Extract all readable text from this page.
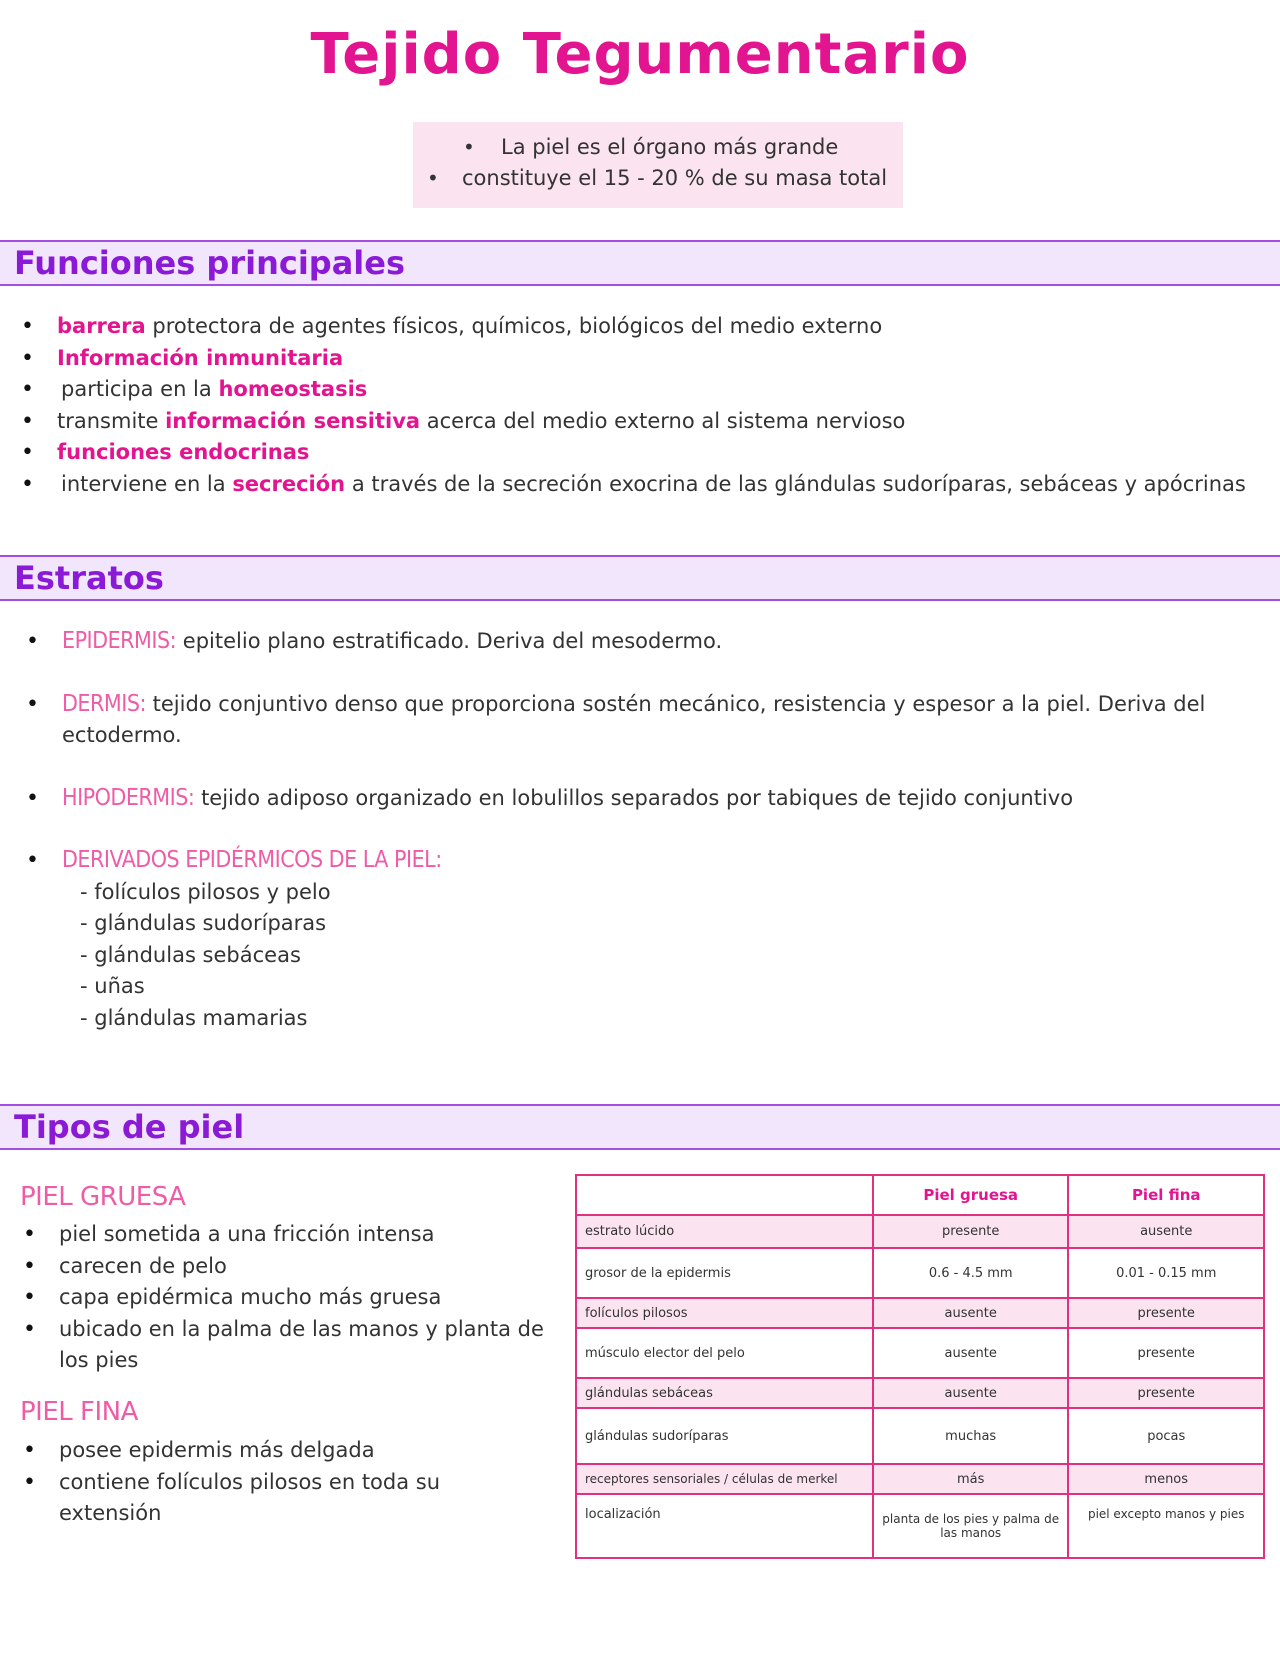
Tejido Tegumentario
• La piel es el órgano más grande
• constituye el 15 - 20 % de su masa total
Funciones principales
• barrera protectora de agentes físicos, químicos, biológicos del medio externo
• Información inmunitaria
• participa en la homeostasis
• transmite información sensitiva acerca del medio externo al sistema nervioso
• funciones endocrinas
• interviene en la secreción a través de la secreción exocrina de las glándulas sudoríparas, sebáceas y apócrinas
Estratos
• EPIDERMIS: epitelio plano estratificado. Deriva del mesodermo.
• DERMIS: tejido conjuntivo denso que proporciona sostén mecánico, resistencia y espesor a la piel. Deriva del ectodermo.
• HIPODERMIS: tejido adiposo organizado en lobulillos separados por tabiques de tejido conjuntivo
• DERIVADOS EPIDÉRMICOS DE LA PIEL:
- folículos pilosos y pelo
- glándulas sudoríparas
- glándulas sebáceas
- uñas
- glándulas mamarias
Tipos de piel
PIEL GRUESA
• piel sometida a una fricción intensa
• carecen de pelo
• capa epidérmica mucho más gruesa
• ubicado en la palma de las manos y planta de los pies
PIEL FINA
• posee epidermis más delgada
• contiene folículos pilosos en toda su extensión
	Piel gruesa	Piel fina
estrato lúcido	presente	ausente
grosor de la epidermis	0.6 - 4.5 mm	0.01 - 0.15 mm
folículos pilosos	ausente	presente
músculo elector del pelo	ausente	presente
glándulas sebáceas	ausente	presente
glándulas sudoríparas	muchas	pocas
receptores sensoriales / células de merkel	más	menos
localización	planta de los pies y palma de las manos	piel excepto manos y pies
